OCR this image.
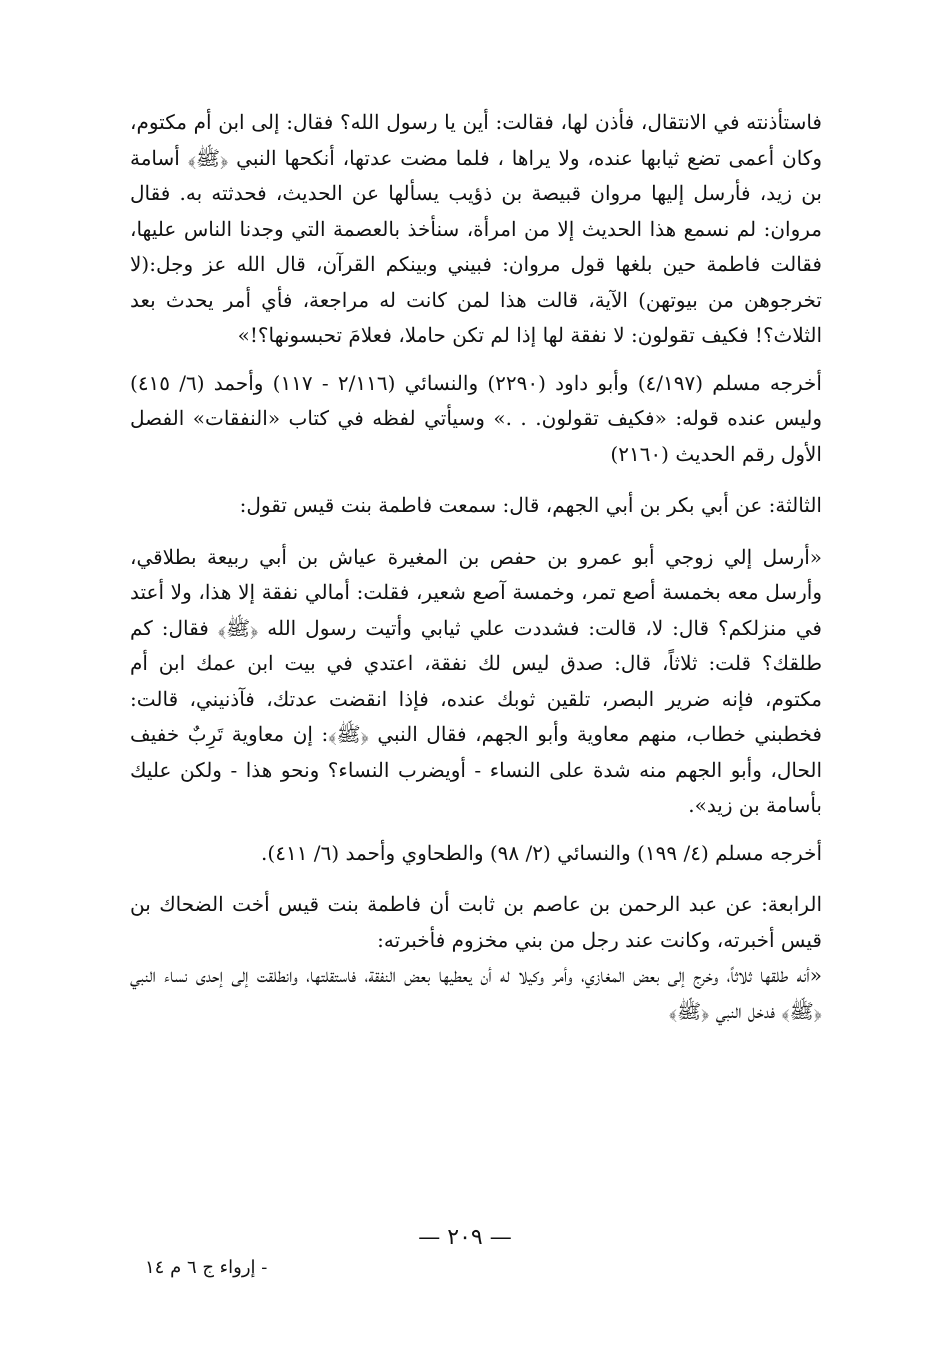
فاستأذنته في الانتقال، فأذن لها، فقالت: أين يا رسول الله؟ فقال: إلى ابن أم مكتوم، وكان أعمى تضع ثيابها عنده، ولا يراها ، فلما مضت عدتها، أنكحها النبي ﴿ﷺ﴾ أسامة بن زيد، فأرسل إليها مروان قبيصة بن ذؤيب يسألها عن الحديث، فحدثته به. فقال مروان: لم نسمع هذا الحديث إلا من امرأة، سنأخذ بالعصمة التي وجدنا الناس عليها، فقالت فاطمة حين بلغها قول مروان: فبيني وبينكم القرآن، قال الله عز وجل:(لا تخرجوهن من بيوتهن) الآية، قالت هذا لمن كانت له مراجعة، فأي أمر يحدث بعد الثلاث؟! فكيف تقولون: لا نفقة لها إذا لم تكن حاملا، فعلامَ تحبسونها؟!»

أخرجه مسلم (٤/١٩٧) وأبو داود (٢٢٩٠) والنسائي (٢/١١٦ - ١١٧) وأحمد (٦/ ٤١٥) وليس عنده قوله: «فكيف تقولون. . .» وسيأتي لفظه في كتاب «النفقات» الفصل الأول رقم الحديث (٢١٦٠)

الثالثة: عن أبي بكر بن أبي الجهم، قال: سمعت فاطمة بنت قيس تقول:

«أرسل إلي زوجي أبو عمرو بن حفص بن المغيرة عياش بن أبي ربيعة بطلاقي، وأرسل معه بخمسة أصع تمر، وخمسة آصع شعير، فقلت: أمالي نفقة إلا هذا، ولا أعتد في منزلكم؟ قال: لا، قالت: فشددت علي ثيابي وأتيت رسول الله ﴿ﷺ﴾ فقال: كم طلقك؟ قلت: ثلاثاً، قال: صدق ليس لك نفقة، اعتدي في بيت ابن عمك ابن أم مكتوم، فإنه ضرير البصر، تلقين ثوبك عنده، فإذا انقضت عدتك، فآذنيني، قالت: فخطبني خطاب، منهم معاوية وأبو الجهم، فقال النبي ﴿ﷺ﴾: إن معاوية تَرِبٌ خفيف الحال، وأبو الجهم منه شدة على النساء - أويضرب النساء؟ ونحو هذا - ولكن عليك بأسامة بن زيد».

أخرجه مسلم (٤/ ١٩٩) والنسائي (٢/ ٩٨) والطحاوي وأحمد (٦/ ٤١١).

الرابعة: عن عبد الرحمن بن عاصم بن ثابت أن فاطمة بنت قيس أخت الضحاك بن قيس أخبرته، وكانت عند رجل من بني مخزوم فأخبرته:

«أنه طلقها ثلاثاً، وخرج إلى بعض المغازي، وأمر وكيلا له أن يعطيها بعض النفقة، فاستقلتها، وانطلقت إلى إحدى نساء النبي ﴿ﷺ﴾ فدخل النبي ﴿ﷺ﴾

— ٢٠٩ —
- إرواء ج ٦ م ١٤
